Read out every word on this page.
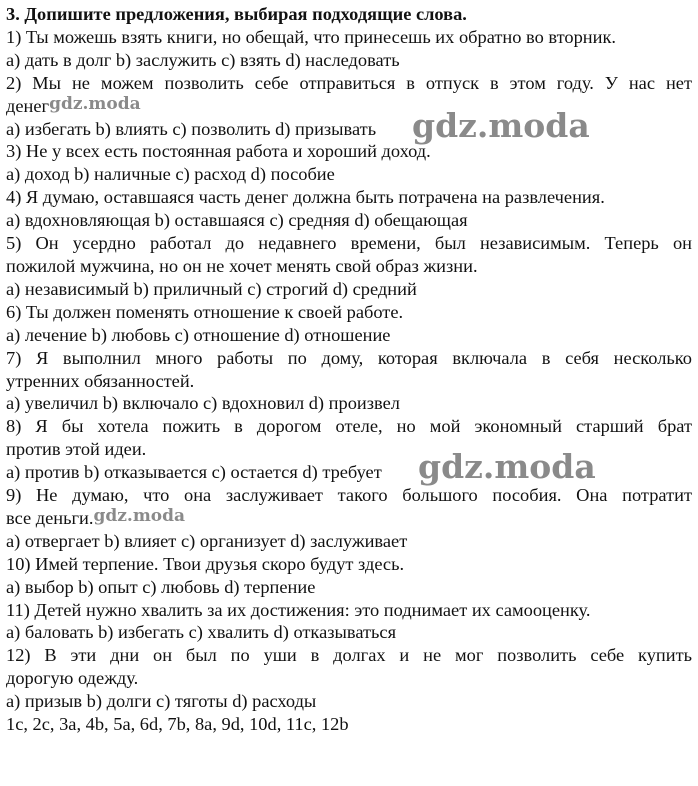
3. Допишите предложения, выбирая подходящие слова.
1) Ты можешь взять книги, но обещай, что принесешь их обратно во вторник.
a) дать в долг b) заслужить c) взять d) наследовать
2) Мы не можем позволить себе отправиться в отпуск в этом году. У нас нет
денегgdz.moda
a) избегать b) влиять c) позволить d) призывать
3) Не у всех есть постоянная работа и хороший доход.
a) доход b) наличные c) расход d) пособие
4) Я думаю, оставшаяся часть денег должна быть потрачена на развлечения.
a) вдохновляющая b) оставшаяся c) средняя d) обещающая
5) Он усердно работал до недавнего времени, был независимым. Теперь он
пожилой мужчина, но он не хочет менять свой образ жизни.
a) независимый b) приличный c) строгий d) средний
6) Ты должен поменять отношение к своей работе.
a) лечение b) любовь c) отношение d) отношение
7) Я выполнил много работы по дому, которая включала в себя несколько
утренних обязанностей.
a) увеличил b) включало c) вдохновил d) произвел
8) Я бы хотела пожить в дорогом отеле, но мой экономный старший брат
против этой идеи.
a) против b) отказывается c) остается d) требует
9) Не думаю, что она заслуживает такого большого пособия. Она потратит
все деньги.gdz.moda
a) отвергает b) влияет c) организует d) заслуживает
10) Имей терпение. Твои друзья скоро будут здесь.
a) выбор b) опыт c) любовь d) терпение
11) Детей нужно хвалить за их достижения: это поднимает их самооценку.
a) баловать b) избегать c) хвалить d) отказываться
12) В эти дни он был по уши в долгах и не мог позволить себе купить
дорогую одежду.
a) призыв b) долги c) тяготы d) расходы
1c, 2c, 3a, 4b, 5a, 6d, 7b, 8a, 9d, 10d, 11c, 12b
gdz.moda
gdz.moda
